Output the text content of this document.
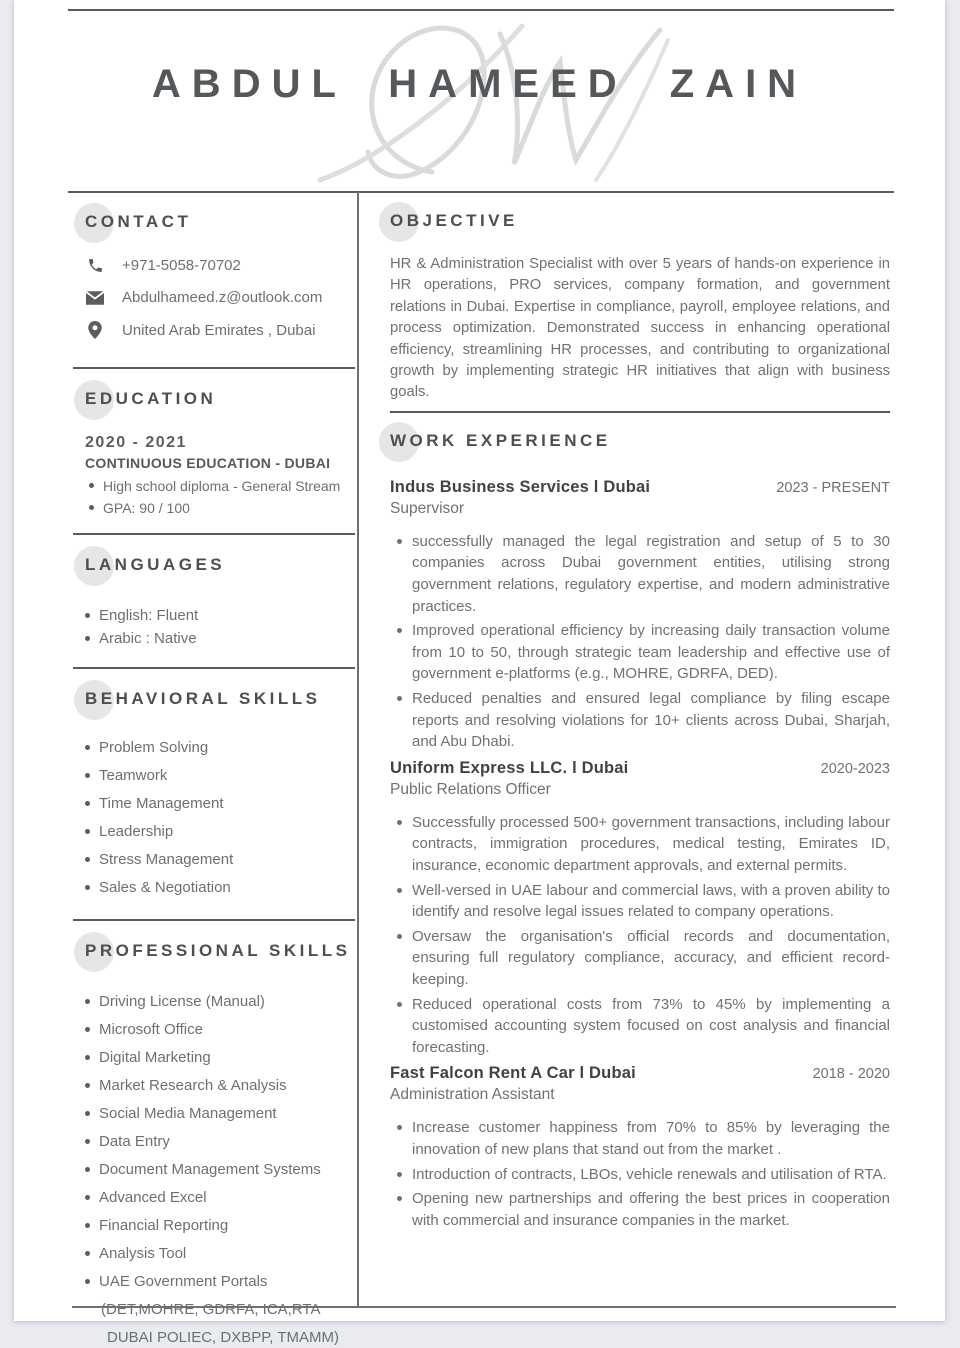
ABDUL HAMEED ZAIN
CONTACT
+971-5058-70702
Abdulhameed.z@outlook.com
United Arab Emirates , Dubai
EDUCATION
2020 - 2021
CONTINUOUS EDUCATION - DUBAI
High school diploma - General Stream
GPA: 90 / 100
LANGUAGES
English: Fluent
Arabic : Native
BEHAVIORAL SKILLS
Problem Solving
Teamwork
Time Management
Leadership
Stress Management
Sales & Negotiation
PROFESSIONAL SKILLS
Driving License (Manual)
Microsoft Office
Digital Marketing
Market Research & Analysis
Social Media Management
Data Entry
Document Management Systems
Advanced Excel
Financial Reporting
Analysis Tool
UAE Government Portals
(DET,MOHRE, GDRFA, ICA,RTA
DUBAI POLIEC, DXBPP, TMAMM)
OBJECTIVE
HR & Administration Specialist with over 5 years of hands-on experience in HR operations, PRO services, company formation, and government relations in Dubai. Expertise in compliance, payroll, employee relations, and process optimization. Demonstrated success in enhancing operational efficiency, streamlining HR processes, and contributing to organizational growth by implementing strategic HR initiatives that align with business goals.
WORK EXPERIENCE
Indus Business Services l Dubai	2023 - PRESENT
Supervisor
successfully managed the legal registration and setup of 5 to 30 companies across Dubai government entities, utilising strong government relations, regulatory expertise, and modern administrative practices.
Improved operational efficiency by increasing daily transaction volume from 10 to 50, through strategic team leadership and effective use of government e-platforms (e.g., MOHRE, GDRFA, DED).
Reduced penalties and ensured legal compliance by filing escape reports and resolving violations for 10+ clients across Dubai, Sharjah, and Abu Dhabi.
Uniform Express LLC. l Dubai	2020-2023
Public Relations Officer
Successfully processed 500+ government transactions, including labour contracts, immigration procedures, medical testing, Emirates ID, insurance, economic department approvals, and external permits.
Well-versed in UAE labour and commercial laws, with a proven ability to identify and resolve legal issues related to company operations.
Oversaw the organisation's official records and documentation, ensuring full regulatory compliance, accuracy, and efficient record-keeping.
Reduced operational costs from 73% to 45% by implementing a customised accounting system focused on cost analysis and financial forecasting.
Fast Falcon Rent A Car l Dubai	2018 - 2020
Administration Assistant
Increase customer happiness from 70% to 85% by leveraging the innovation of new plans that stand out from the market .
Introduction of contracts, LBOs, vehicle renewals and utilisation of RTA.
Opening new partnerships and offering the best prices in cooperation with commercial and insurance companies in the market.
